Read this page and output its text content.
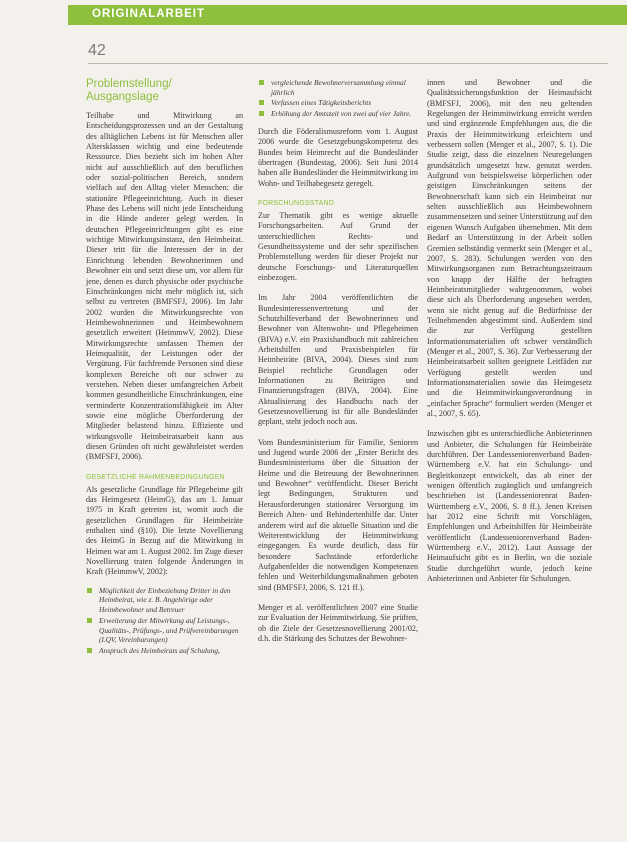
ORIGINALARBEIT
42
Problemstellung/ Ausgangslage

Teilhabe und Mitwirkung an Entscheidungsprozessen und an der Gestaltung des alltäglichen Lebens ist für Menschen aller Altersklassen wichtig und eine bedeutende Ressource. Dies bezieht sich im hohen Alter nicht auf ausschließlich auf den beruflichen oder sozial-politischen Bereich, sondern vielfach auf den Alltag vieler Menschen: die stationäre Pflegeeinrichtung. Auch in dieser Phase des Lebens will nicht jede Entscheidung in die Hände anderer gelegt werden. In deutschen Pflegeeinrichtungen gibt es eine wichtige Mitwirkungsinstanz, den Heimbeirat. Dieser tritt für die Interessen der in der Einrichtung lebenden Bewohnerinnen und Bewohner ein und setzt diese um, vor allem für jene, denen es durch physische oder psychische Einschränkungen nicht mehr möglich ist, sich selbst zu vertreten (BMFSFJ, 2006). Im Jahr 2002 wurden die Mitwirkungsrechte von Heimbewohnerinnen und Heimbewohnern gesetzlich erweitert (HeimmwV, 2002). Diese Mitwirkungsrechte umfassen Themen der Heimqualität, der Leistungen oder der Vergütung. Für fachfremde Personen sind diese komplexen Bereiche oft nur schwer zu verstehen. Neben dieser umfangreichen Arbeit kommen gesundheitliche Einschränkungen, eine verminderte Konzentrationsfähigkeit im Alter sowie eine mögliche Überforderung der Mitglieder belastend hinzu. Effiziente und wirkungsvolle Heimbeiratsarbeit kann aus diesen Gründen oft nicht gewährleistet werden (BMFSFJ, 2006).

GESETZLICHE RAHMENBEDINGUNGEN

Als gesetzliche Grundlage für Pflegeheime gilt das Heimgesetz (HeimG), das am 1. Januar 1975 in Kraft getreten ist, womit auch die gesetzlichen Grundlagen für Heimbeiräte enthalten sind (§10). Die letzte Novellierung des HeimG in Bezug auf die Mitwirkung in Heimen war am 1. August 2002. Im Zuge dieser Novellierung traten folgende Änderungen in Kraft (HeimmwV, 2002):

Möglichkeit der Einbeziehung Dritter in den Heimbeirat, wie z. B. Angehörige oder Heimbewohner und Betreuer
Erweiterung der Mitwirkung auf Leistungs-, Qualitäts-, Prüfungs-, und Prüfvereinbarungen (LQV, Vereinbarungen)
Anspruch des Heimbeirats auf Schulung,
vergleichende Bewohnerversammlung einmal jährlich
Verfassen eines Tätigkeitsberichts
Erhöhung der Amtszeit von zwei auf vier Jahre.

Durch die Föderalismusreform vom 1. August 2006 wurde die Gesetzgebungskompetenz des Bundes beim Heimrecht auf die Bundesländer übertragen (Bundestag, 2006). Seit Juni 2014 haben alle Bundesländer die Heimmitwirkung im Wohn- und Teilhabegesetz geregelt.

FORSCHUNGSSTAND

Zur Thematik gibt es wenige aktuelle Forschungsarbeiten. Auf Grund der unterschiedlichen Rechts- und Gesundheitssysteme und der sehr spezifischen Problemstellung werden für dieser Projekt nur deutsche Forschungs- und Literaturquellen einbezogen.

Im Jahr 2004 veröffentlichten die Bundesinteressenvertretung und der Schutzhilfeverband der Bewohnerinnen und Bewohner von Altenwohn- und Pflegeheimen (BIVA) e.V. ein Praxishandbuch mit zahlreichen Arbeitshilfen und Praxisbeispielen für Heimbeiräte (BIVA, 2004). Dieses sind zum Beispiel rechtliche Grundlagen oder Informationen zu Beiträgen und Finanzierungsfragen (BIVA, 2004). Eine Aktualisierung des Handbuchs nach der Gesetzesnovellierung ist für alle Bundesländer geplant, steht jedoch noch aus.

Vom Bundesministerium für Familie, Senioren und Jugend wurde 2006 der „Erster Bericht des Bundesministeriums über die Situation der Heime und die Betreuung der Bewohnerinnen und Bewohner“ veröffentlicht. Dieser Bericht legt Bedingungen, Strukturen und Herausforderungen stationärer Versorgung im Bereich Alten- und Behindertenhilfe dar. Unter anderem wird auf die aktuelle Situation und die Weiterentwicklung der Heimmitwirkung eingegangen. Es wurde deutlich, dass für besondere Sachstände erforderliche Aufgabenfelder die notwendigen Kompetenzen fehlen und Weiterbildungsmaßnahmen geboten sind (BMFSFJ, 2006, S. 121 ff.).

Menger et al. veröffentlichten 2007 eine Studie zur Evaluation der Heimmitwirkung. Sie prüften, ob die Ziele der Gesetzesnovellierung 2001/02, d.h. die Stärkung des Schutzes der Bewohner-

innen und Bewohner und die Qualitätssicherungsfunktion der Heimaufsicht (BMFSFJ, 2006), mit den neu geltenden Regelungen der Heimmitwirkung erreicht werden und sind ergänzende Empfehlungen aus, die die Praxis der Heimmitwirkung erleichtern und verbessern sollen (Menger et al., 2007, S. 1). Die Studie zeigt, dass die einzelnen Neuregelungen grundsätzlich umgesetzt bzw. genutzt werden. Aufgrund von beispielsweise körperlichen oder geistigen Einschränkungen seitens der Bewohnerschaft kann sich ein Heimbeirat nur selten ausschließlich aus Heimbewohnern zusammensetzen und seiner Unterstützung auf den eigenen Wunsch Aufgaben übernehmen. Mit dem Bedarf an Unterstützung in der Arbeit sollen Gremien selbständig vermerkt sein (Menger et al., 2007, S. 283). Schulungen werden von den Mitwirkungsorganen zum Betrachtungszeitraum von knapp der Hälfte der befragten Heimbeiratsmitglieder wahrgenommen, wobei diese sich als Überforderung angesehen werden, wenn sie nicht genug auf die Bedürfnisse der Teilnehmenden abgestimmt sind. Außerdem sind die zur Verfügung gestellten Informationsmaterialien oft schwer verständlich (Menger et al., 2007, S. 36). Zur Verbesserung der Heimbeiratsarbeit sollten geeignete Leitfäden zur Verfügung gestellt werden und Informationsmaterialien sowie das Heimgesetz und die Heimmitwirkungsverordnung in „einfacher Sprache“ formuliert werden (Menger et al., 2007, S. 65).

Inzwischen gibt es unterschiedliche Anbieterinnen und Anbieter, die Schulungen für Heimbeiräte durchführen. Der Landesseniorenverband Baden-Württemberg e.V. hat ein Schulungs- und Begleitkonzept entwickelt, das ab einer der wenigen öffentlich zugänglich und umfangreich beschrieben ist (Landesseniorenrat Baden-Württemberg e.V., 2006, S. 8 ff.). Jenen Kreisen hat 2012 eine Schrift mit Vorschlägen, Empfehlungen und Arbeitshilfen für Heimbeiräte veröffentlicht (Landesseniorenverband Baden-Württemberg e.V., 2012). Laut Aussage der Heimaufsicht gibt es in Berlin, wo die soziale Studie durchgeführt wurde, jedoch keine Anbieterinnen und Anbieter für Schulungen.
